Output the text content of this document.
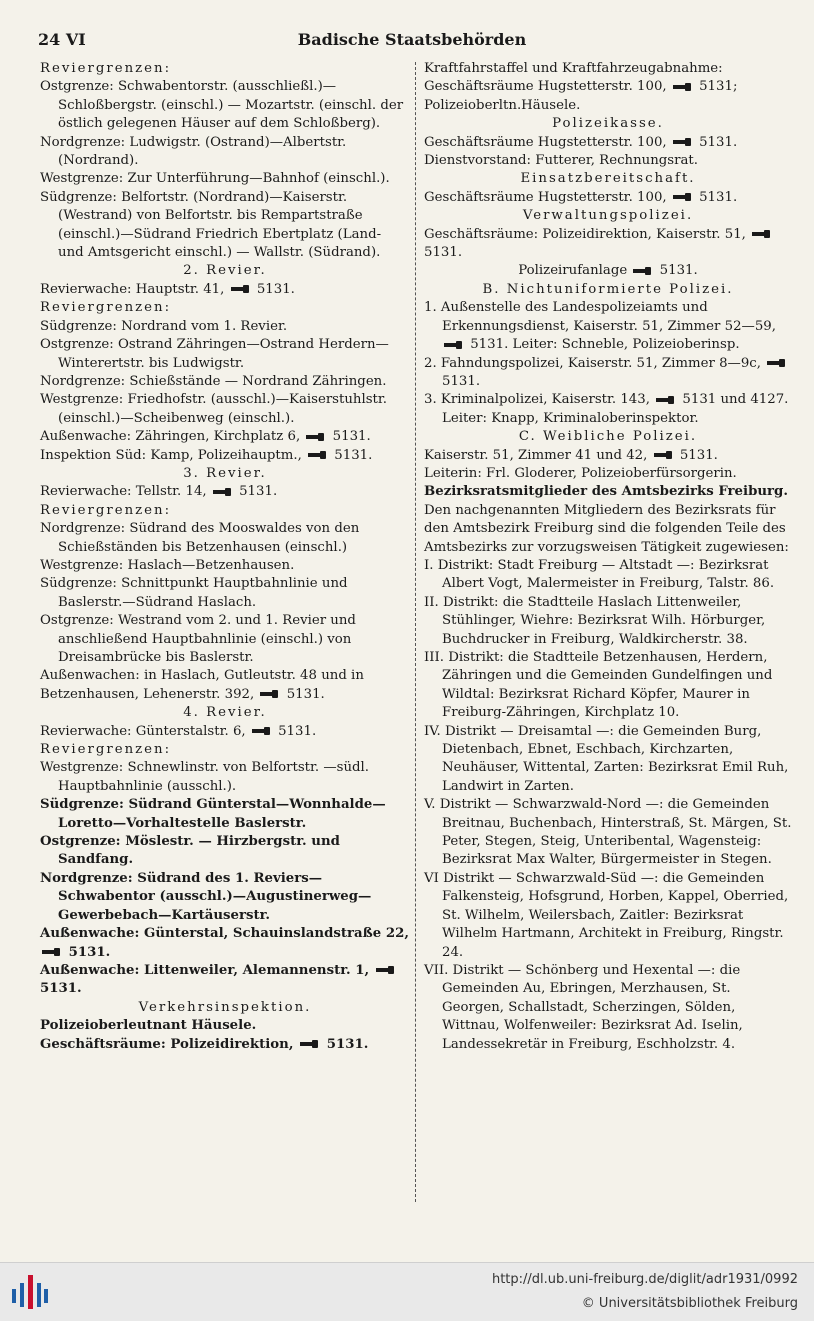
24 VI	Badische Staatsbehörden

Reviergrenzen:

Ostgrenze: Schwabentorstr. (ausschließl.)— Schloßbergstr. (einschl.) — Mozartstr. (einschl. der östlich gelegenen Häuser auf dem Schloßberg).

Nordgrenze: Ludwigstr. (Ostrand)—Albertstr. (Nordrand).

Westgrenze: Zur Unterführung—Bahnhof (einschl.).

Südgrenze: Belfortstr. (Nordrand)—Kaiserstr. (Westrand) von Belfortstr. bis Rempartstraße (einschl.)—Südrand Friedrich Ebertplatz (Land- und Amtsgericht einschl.) — Wallstr. (Südrand).

2. Revier.

Revierwache: Hauptstr. 41,
5131.

Reviergrenzen:

Südgrenze: Nordrand vom 1. Revier.

Ostgrenze: Ostrand Zähringen—Ostrand Herdern—Winterertstr. bis Ludwigstr.

Nordgrenze: Schießstände — Nordrand Zähringen.

Westgrenze: Friedhofstr. (ausschl.)—Kaiserstuhlstr. (einschl.)—Scheibenweg (einschl.).

Außenwache: Zähringen, Kirchplatz 6,
5131.

Inspektion Süd: Kamp, Polizeihauptm.,
5131.

3. Revier.

Revierwache: Tellstr. 14,
5131.

Reviergrenzen:

Nordgrenze: Südrand des Mooswaldes von den Schießständen bis Betzenhausen (einschl.)

Westgrenze: Haslach—Betzenhausen.

Südgrenze: Schnittpunkt Hauptbahnlinie und Baslerstr.—Südrand Haslach.

Ostgrenze: Westrand vom 2. und 1. Revier und anschließend Hauptbahnlinie (einschl.) von Dreisambrücke bis Baslerstr.

Außenwachen: in Haslach, Gutleutstr. 48 und in Betzenhausen, Lehenerstr. 392,
5131.

4. Revier.

Revierwache: Günterstalstr. 6,
5131.

Reviergrenzen:

Westgrenze: Schnewlinstr. von Belfortstr. —südl. Hauptbahnlinie (ausschl.).

Südgrenze: Südrand Günterstal—Wonnhalde—Loretto—Vorhaltestelle Baslerstr.

Ostgrenze: Möslestr. — Hirzbergstr. und Sandfang.

Nordgrenze: Südrand des 1. Reviers—Schwabentor (ausschl.)—Augustinerweg—Gewerbebach—Kartäuserstr.

Außenwache: Günterstal, Schauinslandstraße 22,
5131.

Außenwache: Littenweiler, Alemannenstr. 1,
5131.

Verkehrsinspektion.

Polizeioberleutnant Häusele.

Geschäftsräume: Polizeidirektion,
5131.

Kraftfahrstaffel und Kraftfahrzeugabnahme: Geschäftsräume Hugstetterstr. 100,
5131; Polizeioberltn.Häusele.

Polizeikasse.

Geschäftsräume Hugstetterstr. 100,
5131.

Dienstvorstand: Futterer, Rechnungsrat.

Einsatzbereitschaft.

Geschäftsräume Hugstetterstr. 100,
5131.

Verwaltungspolizei.

Geschäftsräume: Polizeidirektion, Kaiserstr. 51,
5131.

Polizeirufanlage
5131.

B. Nichtuniformierte Polizei.

1. Außenstelle des Landespolizeiamts und Erkennungsdienst, Kaiserstr. 51, Zimmer 52—59,
5131. Leiter: Schneble, Polizeioberinsp.

2. Fahndungspolizei, Kaiserstr. 51, Zimmer 8—9c,
5131.

3. Kriminalpolizei, Kaiserstr. 143,
5131 und 4127. Leiter: Knapp, Kriminaloberinspektor.

C. Weibliche Polizei.

Kaiserstr. 51, Zimmer 41 und 42,
5131.

Leiterin: Frl. Gloderer, Polizeioberfürsorgerin.

Bezirksratsmitglieder des Amtsbezirks Freiburg.

Den nachgenannten Mitgliedern des Bezirksrats für den Amtsbezirk Freiburg sind die folgenden Teile des Amtsbezirks zur vorzugsweisen Tätigkeit zugewiesen:

I. Distrikt: Stadt Freiburg — Altstadt —: Bezirksrat Albert Vogt, Malermeister in Freiburg, Talstr. 86.

II. Distrikt: die Stadtteile Haslach Littenweiler, Stühlinger, Wiehre: Bezirksrat Wilh. Hörburger, Buchdrucker in Freiburg, Waldkircherstr. 38.

III. Distrikt: die Stadtteile Betzenhausen, Herdern, Zähringen und die Gemeinden Gundelfingen und Wildtal: Bezirksrat Richard Köpfer, Maurer in Freiburg-Zähringen, Kirchplatz 10.

IV. Distrikt — Dreisamtal —: die Gemeinden Burg, Dietenbach, Ebnet, Eschbach, Kirchzarten, Neuhäuser, Wittental, Zarten: Bezirksrat Emil Ruh, Landwirt in Zarten.

V. Distrikt — Schwarzwald-Nord —: die Gemeinden Breitnau, Buchenbach, Hinterstraß, St. Märgen, St. Peter, Stegen, Steig, Unteribental, Wagensteig: Bezirksrat Max Walter, Bürgermeister in Stegen.

VI Distrikt — Schwarzwald-Süd —: die Gemeinden Falkensteig, Hofsgrund, Horben, Kappel, Oberried, St. Wilhelm, Weilersbach, Zaitler: Bezirksrat Wilhelm Hartmann, Architekt in Freiburg, Ringstr. 24.

VII. Distrikt — Schönberg und Hexental —: die Gemeinden Au, Ebringen, Merzhausen, St. Georgen, Schallstadt, Scherzingen, Sölden, Wittnau, Wolfenweiler: Bezirksrat Ad. Iselin, Landessekretär in Freiburg, Eschholzstr. 4.

http://dl.ub.uni-freiburg.de/diglit/adr1931/0992
© Universitätsbibliothek Freiburg
